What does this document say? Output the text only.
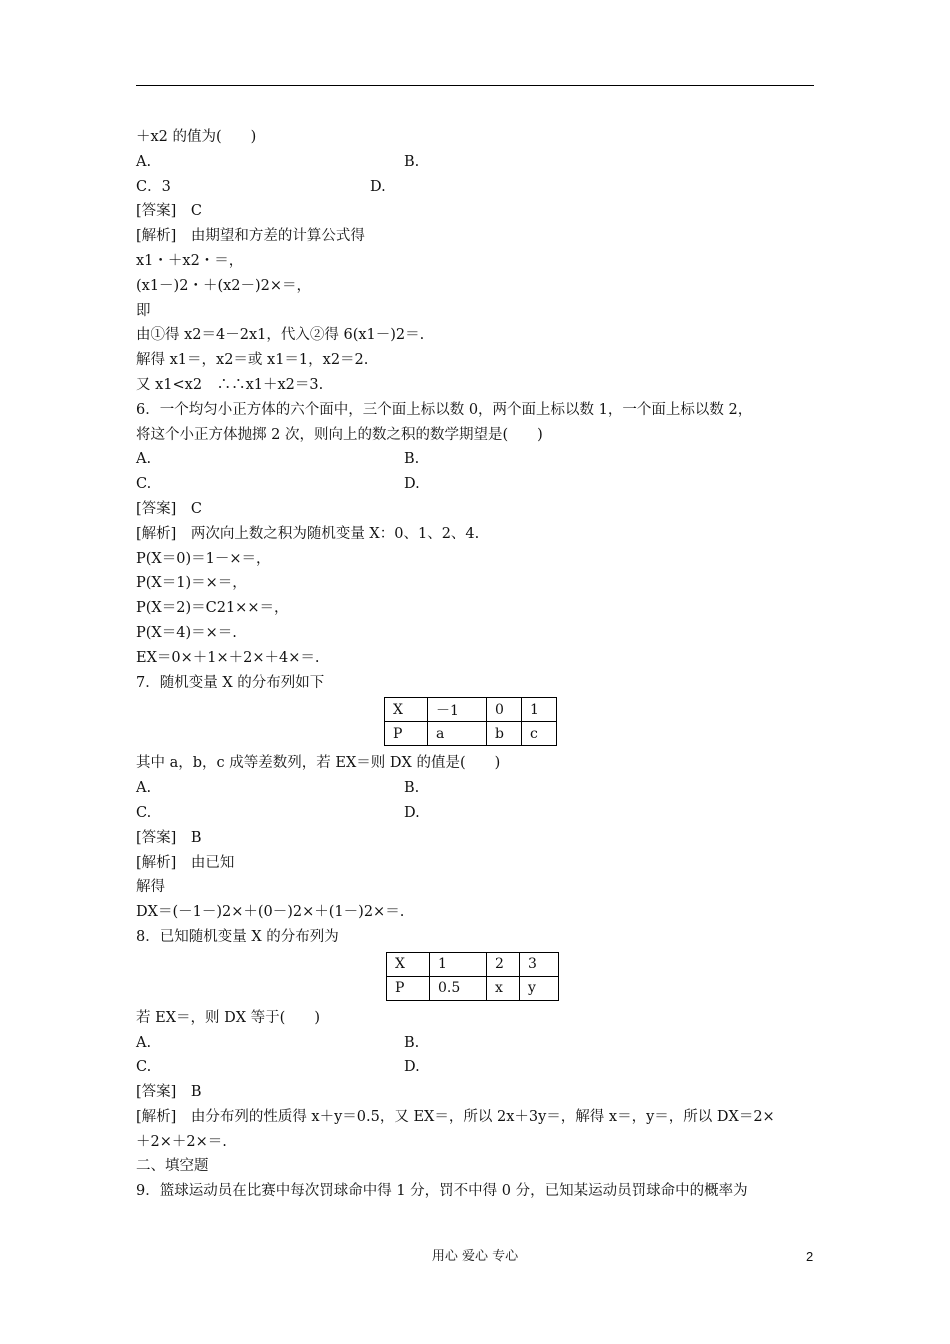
＋x2 的值为(　　)
A.	B.
C．3	D.
[答案]　C
[解析]　由期望和方差的计算公式得
x1・＋x2・＝，
(x1－)2・＋(x2－)2×＝，
即
由①得 x2＝4－2x1，代入②得 6(x1－)2＝.
解得 x1＝，x2＝或 x1＝1，x2＝2.
又 x1<x2　∴∴x1＋x2＝3.
6．一个均匀小正方体的六个面中，三个面上标以数 0，两个面上标以数 1，一个面上标以数 2，
将这个小正方体抛掷 2 次，则向上的数之积的数学期望是(　　)
A.	B.
C.	D.
[答案]　C
[解析]　两次向上数之积为随机变量 X：0、1、2、4.
P(X＝0)＝1－×＝，
P(X＝1)＝×＝，
P(X＝2)＝C21××＝，
P(X＝4)＝×＝.
EX＝0×＋1×＋2×＋4×＝.
7．随机变量 X 的分布列如下
X	－1	0	1
P	a	b	c
其中 a，b，c 成等差数列，若 EX＝则 DX 的值是(　　)
A.	B.
C.	D.
[答案]　B
[解析]　由已知
解得
DX＝(－1－)2×＋(0－)2×＋(1－)2×＝.
8．已知随机变量 X 的分布列为
X	1	2	3
P	0.5	x	y
若 EX＝，则 DX 等于(　　)
A.	B.
C.	D.
[答案]　B
[解析]　由分布列的性质得 x＋y＝0.5，又 EX＝，所以 2x＋3y＝，解得 x＝，y＝，所以 DX＝2×
＋2×＋2×＝.
二、填空题
9．篮球运动员在比赛中每次罚球命中得 1 分，罚不中得 0 分，已知某运动员罚球命中的概率为
用心 爱心 专心	2
